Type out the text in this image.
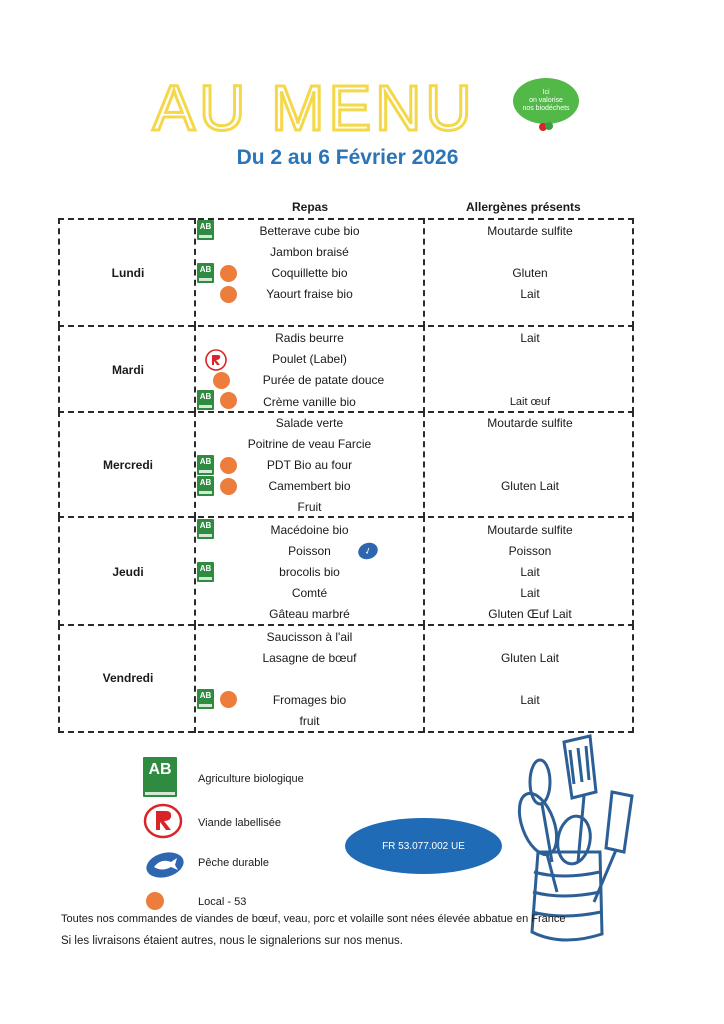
AU MENU	Ici
on valorise
nos biodéchets
Du 2 au 6 Février 2026
Repas	Allergènes présents
Lundi
Betterave cube bio	Moutarde sulfite
Jambon braisé
Coquillette bio	Gluten
Yaourt fraise bio	Lait
AB
AB
Mardi
Radis beurre	Lait
Poulet (Label)
Purée de patate douce
Crème vanille bio	Lait œuf
AB
Mercredi
Salade verte	Moutarde sulfite
Poitrine de veau Farcie
PDT Bio au four
Camembert bio	Gluten Lait
Fruit
AB
AB
Jeudi
Macédoine bio	Moutarde sulfite
Poisson	Poisson
brocolis bio	Lait
Comté	Lait
Gâteau marbré	Gluten Œuf Lait
AB
✓
AB
Vendredi
Saucisson à l'ail
Lasagne de bœuf	Gluten Lait
Fromages bio	Lait
fruit
AB
AB
Agriculture biologique
Viande labellisée
Pêche durable
Local - 53
FR 53.077.002 UE
Toutes nos commandes de viandes de bœuf, veau, porc et volaille sont nées élevée abbatue en France
Si les livraisons étaient autres, nous le signalerions sur nos menus.
